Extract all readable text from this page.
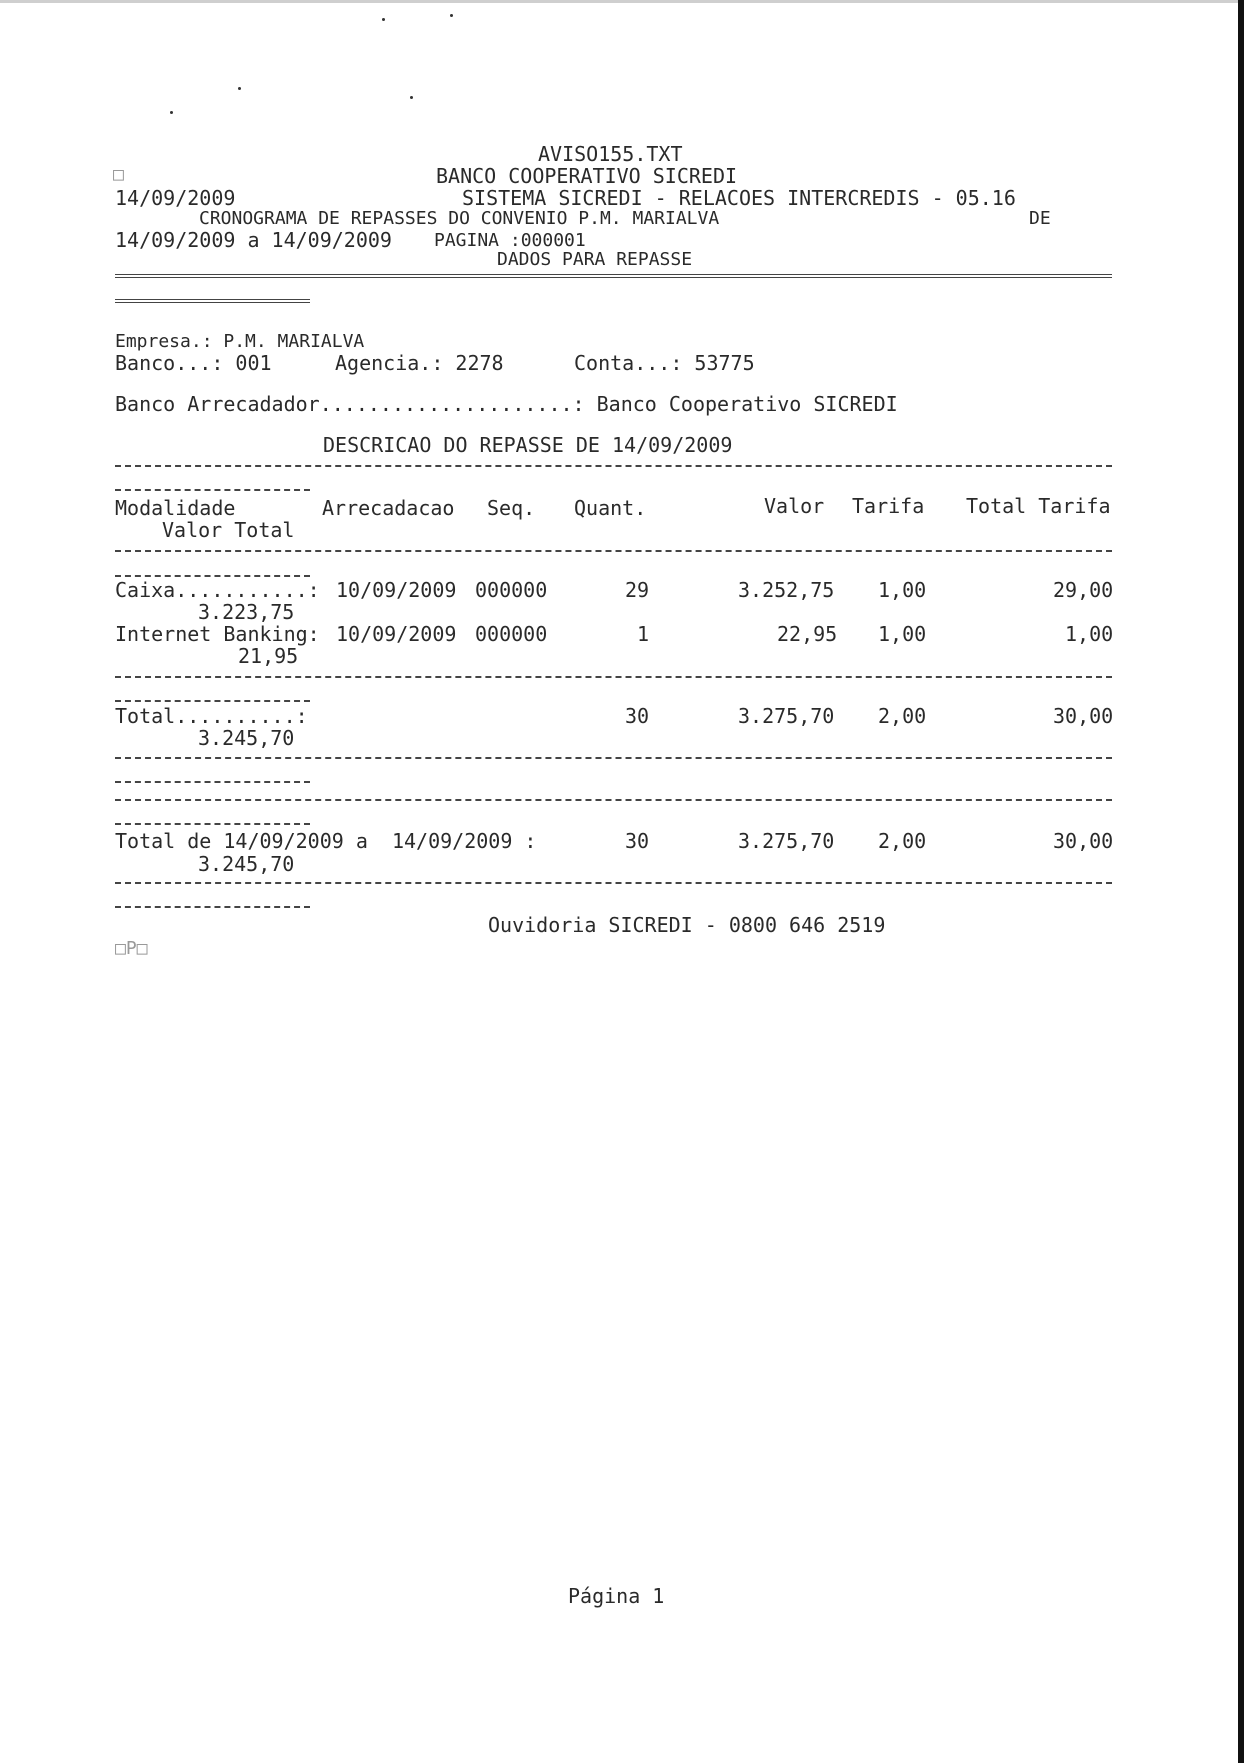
AVISO155.TXT
□	BANCO COOPERATIVO SICREDI
14/09/2009	SISTEMA SICREDI - RELACOES INTERCREDIS - 05.16
CRONOGRAMA DE REPASSES DO CONVENIO P.M. MARIALVA	DE
14/09/2009 a 14/09/2009 PAGINA :000001
DADOS PARA REPASSE
Empresa.: P.M. MARIALVA
Banco...: 001	Agencia.: 2278	Conta...: 53775
Banco Arrecadador.....................: Banco Cooperativo SICREDI
DESCRICAO DO REPASSE DE 14/09/2009
Modalidade	Arrecadacao Seq. Quant.	Valor Tarifa Total Tarifa
Valor Total
Caixa...........: 10/09/2009 000000	29	3.252,75 1,00	29,00
3.223,75
Internet Banking: 10/09/2009 000000	1	22,95 1,00	1,00
21,95
Total..........:	30	3.275,70 2,00	30,00
3.245,70
Total de 14/09/2009 a  14/09/2009 :	30	3.275,70 2,00	30,00
3.245,70
Ouvidoria SICREDI - 0800 646 2519
□P□
Página 1
